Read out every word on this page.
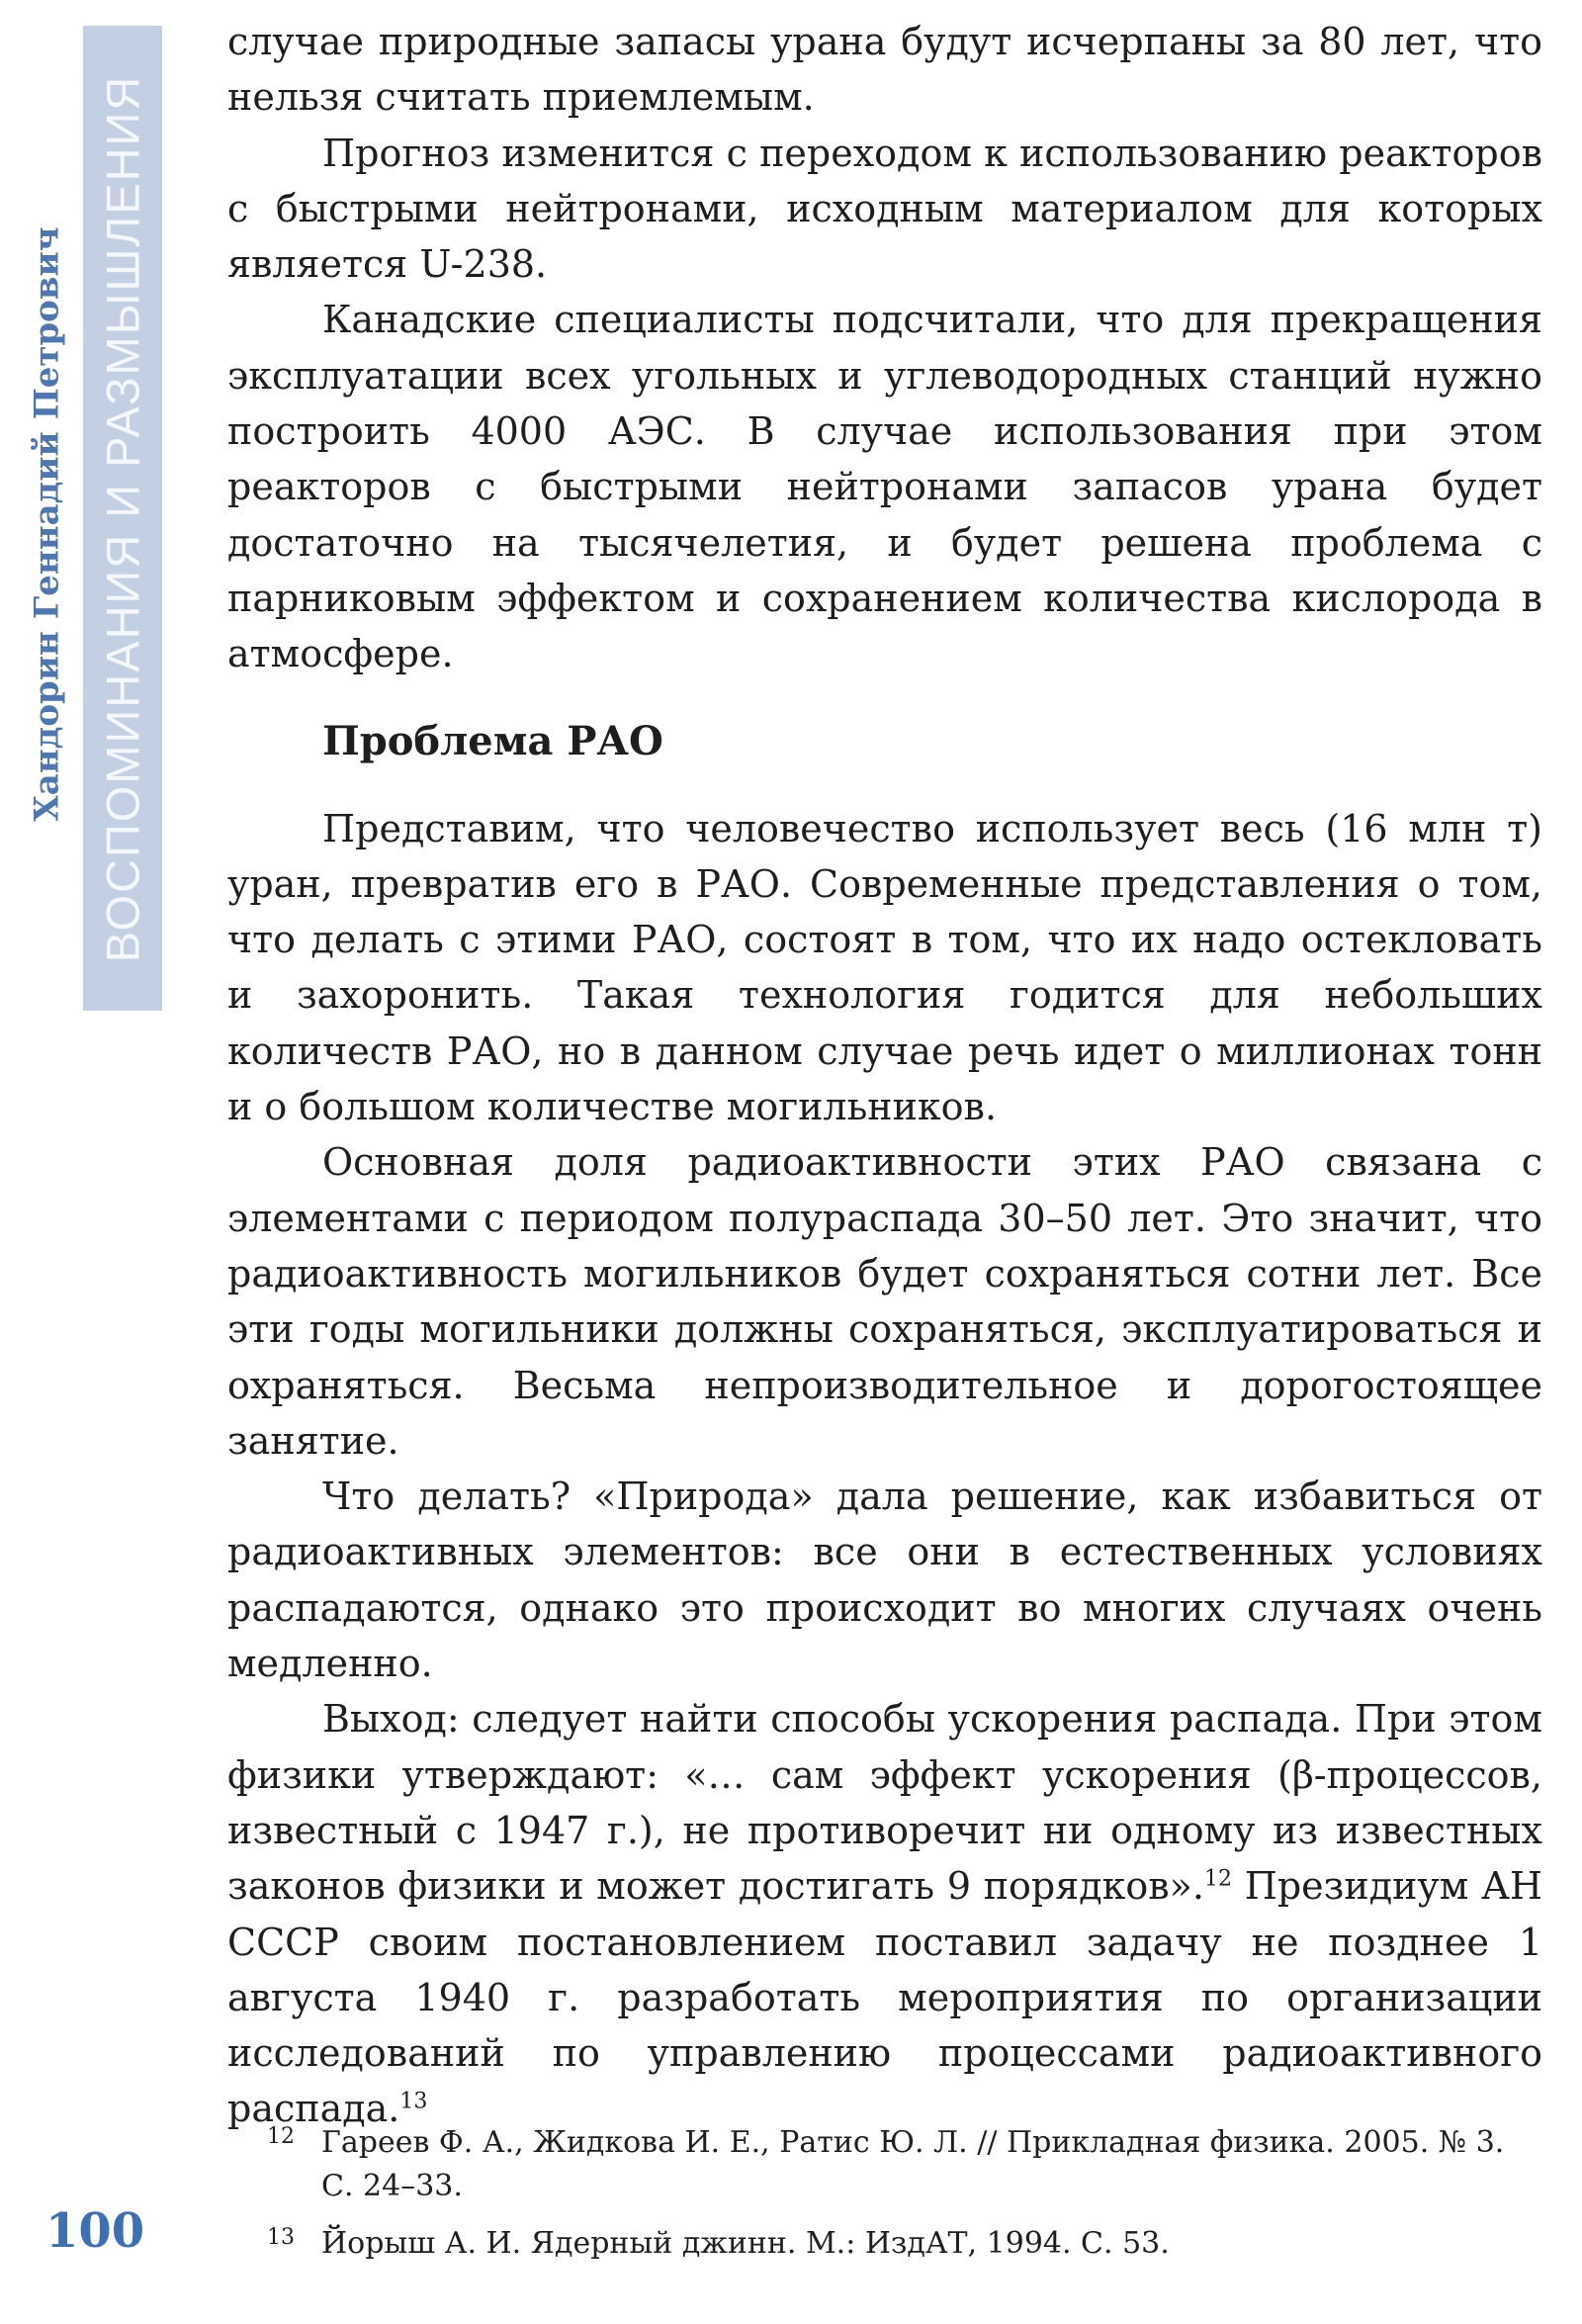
ВОСПОМИНАНИЯ И РАЗМЫШЛЕНИЯ
Хандорин Геннадий Петрович
100

случае природные запасы урана будут исчерпаны за 80 лет, что нельзя считать приемлемым.

Прогноз изменится с переходом к использованию реакторов с быстрыми нейтронами, исходным материалом для которых является U-238.

Канадские специалисты подсчитали, что для прекращения эксплуатации всех угольных и углеводородных станций нужно построить 4000 АЭС. В случае использования при этом реакторов с быстрыми нейтронами запасов урана будет достаточно на тысячелетия, и будет решена проблема с парниковым эффектом и сохранением количества кислорода в атмосфере.

Проблема РАО

Представим, что человечество использует весь (16 млн т) уран, превратив его в РАО. Современные представления о том, что делать с этими РАО, состоят в том, что их надо остекловать и захоронить. Такая технология годится для небольших количеств РАО, но в данном случае речь идет о миллионах тонн и о большом количестве могильников.

Основная доля радиоактивности этих РАО связана с элементами с периодом полураспада 30–50 лет. Это значит, что радиоактивность могильников будет сохраняться сотни лет. Все эти годы могильники должны сохраняться, эксплуатироваться и охраняться. Весьма непроизводительное и дорогостоящее занятие.

Что делать? «Природа» дала решение, как избавиться от радиоактивных элементов: все они в естественных условиях распадаются, однако это происходит во многих случаях очень медленно.

Выход: следует найти способы ускорения распада. При этом физики утверждают: «… сам эффект ускорения (β-процессов, известный с 1947 г.), не противоречит ни одному из известных законов физики и может достигать 9 порядков».$^{12}$ Президиум АН СССР своим постановлением поставил задачу не позднее 1 августа 1940 г. разработать мероприятия по организации исследований по управлению процессами радиоактивного распада.$^{13}$

12 Гареев Ф. А., Жидкова И. Е., Ратис Ю. Л. // Прикладная физика. 2005. № 3. С. 24–33.
13 Йорыш А. И. Ядерный джинн. М.: ИздАТ, 1994. С. 53.
